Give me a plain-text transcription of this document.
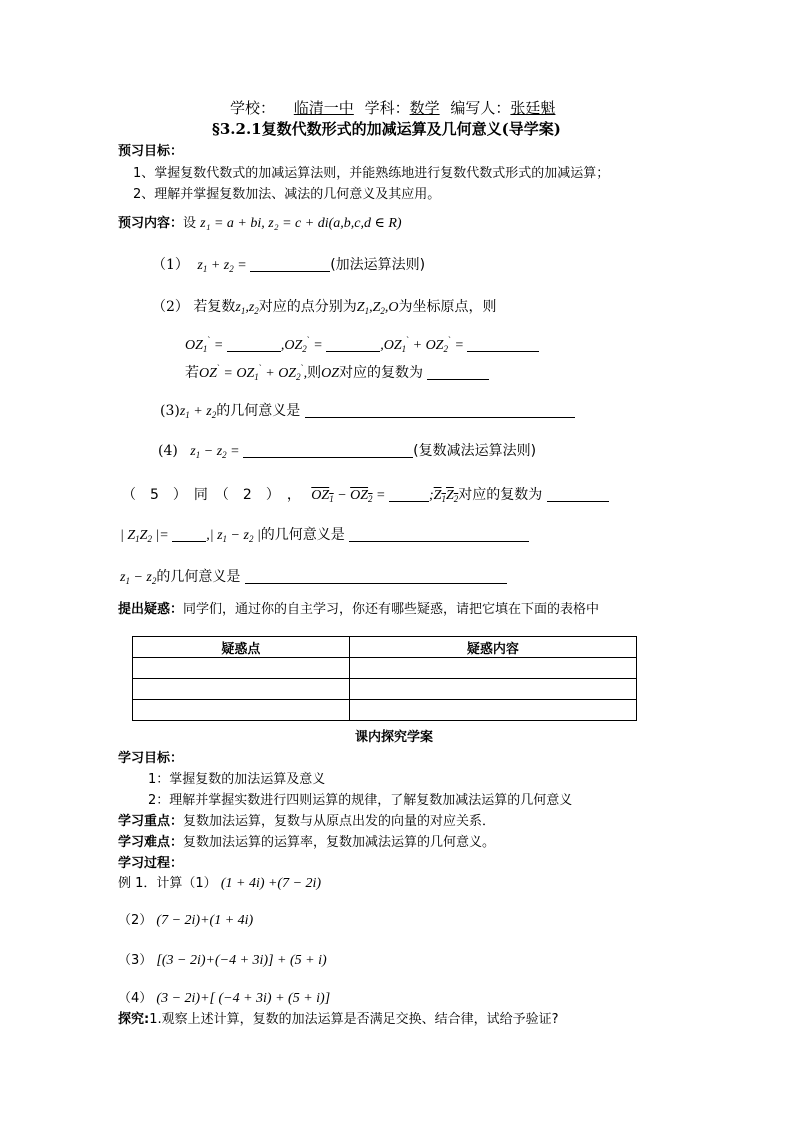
学校： 临清一中 学科：数学 编写人：张廷魁
§3.2.1复数代数形式的加减运算及几何意义(导学案)
预习目标：
1、掌握复数代数式的加减运算法则，并能熟练地进行复数代数式形式的加减运算；
2、理解并掌握复数加法、减法的几何意义及其应用。
预习内容：设 z₁ = a + bi, z₂ = c + di(a,b,c,d ∈ R)
（1） $z_1 + z_2$ =	(加法运算法则)
（2） 若复数$z_1,z_2$对应的点分别为$Z_1,Z_2,O$为坐标原点，则
$OZ_1^`$ =	$,OZ_2^`$ =	$,OZ_1^` + OZ_2^`$ =
若$OZ^` = OZ_1^` + OZ_2^`$,则OZ对应的复数为
$(3)z_1 + z_2$的几何意义是
(4) $z_1 - z_2$ =	(复数减法运算法则)
（　5　）　同　（　2　）　， $OZ_1 - OZ_2$ =	$;Z_1Z_2$对应的复数为
| $Z_1Z_2$ |= ,| $z_1 - z_2$ |的几何意义是
$z_1 - z_2$的几何意义是
提出疑惑：同学们，通过你的自主学习，你还有哪些疑惑，请把它填在下面的表格中
疑惑点	疑惑内容

课内探究学案
学习目标：
1：掌握复数的加法运算及意义
2：理解并掌握实数进行四则运算的规律，了解复数加减法运算的几何意义
学习重点：复数加法运算，复数与从原点出发的向量的对应关系．
学习难点：复数加法运算的运算率，复数加减法运算的几何意义。
学习过程：
例 1．计算（1） (1 + 4i) +(7 − 2i)
（2） (7 − 2i)+(1 + 4i)
（3） [(3 − 2i)+(−4 + 3i)] + (5 + i)
（4） (3 − 2i)+[ (−4 + 3i) + (5 + i)]
探究:1.观察上述计算，复数的加法运算是否满足交换、结合律，试给予验证?
